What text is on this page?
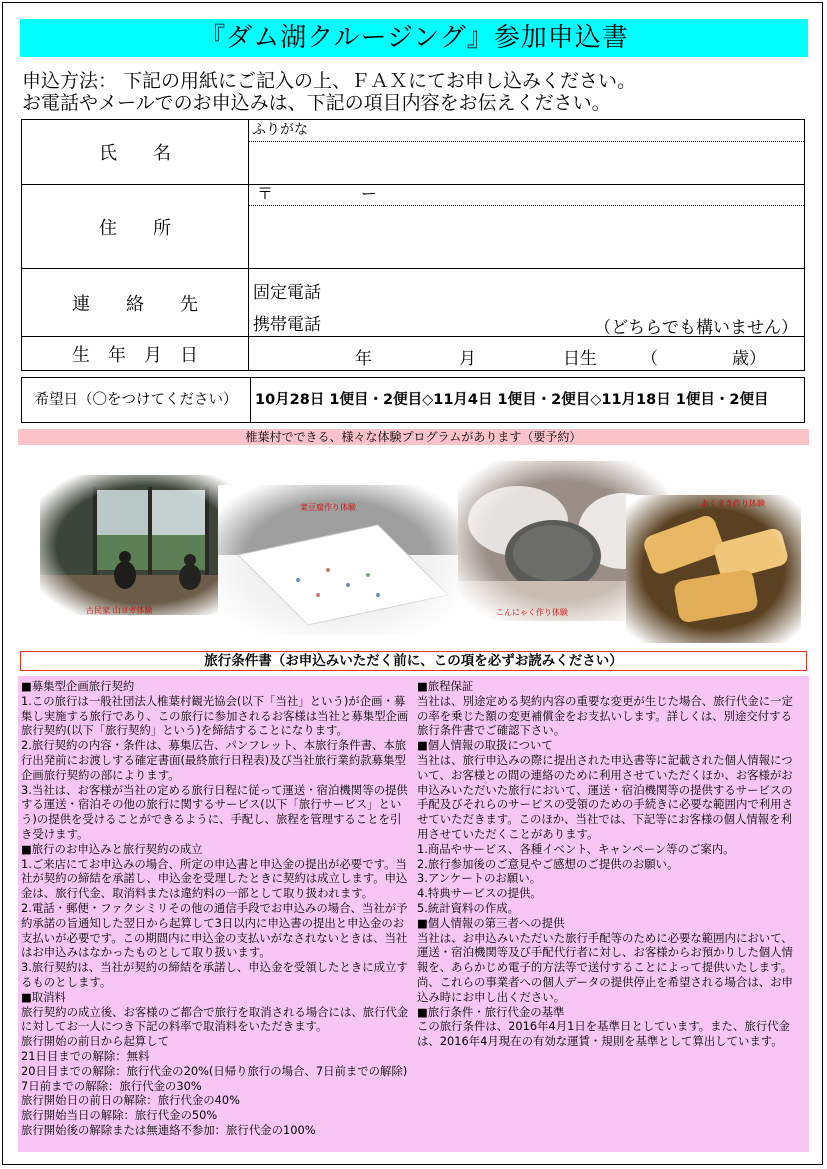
『ダム湖クルージング』参加申込書
申込方法： 下記の用紙にご記入の上、ＦＡＸにてお申し込みください。
お電話やメールでのお申込みは、下記の項目内容をお伝えください。
氏　　名	ふりがな

住　　所	〒 ー

連　　絡　　先	固定電話
携帯電話 （どちらでも構いません）

生　年　月　日	年 月 日生 （ 歳）
希望日（〇をつけてください）	10月28日 1便目・2便目◇11月4日 1便目・2便目◇11月18日 1便目・2便目
椎葉村でできる、様々な体験プログラムがあります（要予約）
古民家 山ヨガ体験
菜豆腐作り体験
こんにゃく作り体験
あくまき作り体験
旅行条件書（お申込みいただく前に、この項を必ずお読みください）

■募集型企画旅行契約

1.この旅行は一般社団法人椎葉村観光協会(以下「当社」という)が企画・募集し実施する旅行であり、この旅行に参加されるお客様は当社と募集型企画旅行契約(以下「旅行契約」という)を締結することになります。

2.旅行契約の内容・条件は、募集広告、パンフレット、本旅行条件書、本旅行出発前にお渡しする確定書面(最終旅行日程表)及び当社旅行業約款募集型企画旅行契約の部によります。

3.当社は、お客様が当社の定める旅行日程に従って運送・宿泊機関等の提供する運送・宿泊その他の旅行に関するサービス(以下「旅行サービス」という)の提供を受けることができるように、手配し、旅程を管理することを引き受けます。

■旅行のお申込みと旅行契約の成立

1.ご来店にてお申込みの場合、所定の申込書と申込金の提出が必要です。当社が契約の締結を承諾し、申込金を受理したときに契約は成立します。申込金は、旅行代金、取消料または違約料の一部として取り扱われます。

2.電話・郵便・ファクシミリその他の通信手段でお申込みの場合、当社が予約承諾の旨通知した翌日から起算して3日以内に申込書の提出と申込金のお支払いが必要です。この期間内に申込金の支払いがなされないときは、当社はお申込みはなかったものとして取り扱います。

3.旅行契約は、当社が契約の締結を承諾し、申込金を受領したときに成立するものとします。

■取消料

旅行契約の成立後、お客様のご都合で旅行を取消される場合には、旅行代金に対してお一人につき下記の料率で取消料をいただきます。

旅行開始の前日から起算して

21日目までの解除：無料

20日目までの解除：旅行代金の20%(日帰り旅行の場合、7日前までの解除)

7日前までの解除：旅行代金の30%

旅行開始日の前日の解除：旅行代金の40%

旅行開始当日の解除：旅行代金の50%

旅行開始後の解除または無連絡不参加：旅行代金の100%

■旅程保証

当社は、別途定める契約内容の重要な変更が生じた場合、旅行代金に一定の率を乗じた額の変更補償金をお支払いします。詳しくは、別途交付する旅行条件書でご確認下さい。

■個人情報の取扱について

当社は、旅行申込みの際に提出された申込書等に記載された個人情報について、お客様との間の連絡のために利用させていただくほか、お客様がお申込みいただいた旅行において、運送・宿泊機関等の提供するサービスの手配及びそれらのサービスの受領のための手続きに必要な範囲内で利用させていただきます。このほか、当社では、下記等にお客様の個人情報を利用させていただくことがあります。

1.商品やサービス、各種イベント、キャンペーン等のご案内。

2.旅行参加後のご意見やご感想のご提供のお願い。

3.アンケートのお願い。

4.特典サービスの提供。

5.統計資料の作成。

■個人情報の第三者への提供

当社は、お申込みいただいた旅行手配等のために必要な範囲内において、運送・宿泊機関等及び手配代行者に対し、お客様からお預かりした個人情報を、あらかじめ電子的方法等で送付することによって提供いたします。尚、これらの事業者への個人データの提供停止を希望される場合は、お申込み時にお申し出ください。

■旅行条件・旅行代金の基準

この旅行条件は、2016年4月1日を基準日としています。また、旅行代金は、2016年4月現在の有効な運賃・規則を基準として算出しています。
